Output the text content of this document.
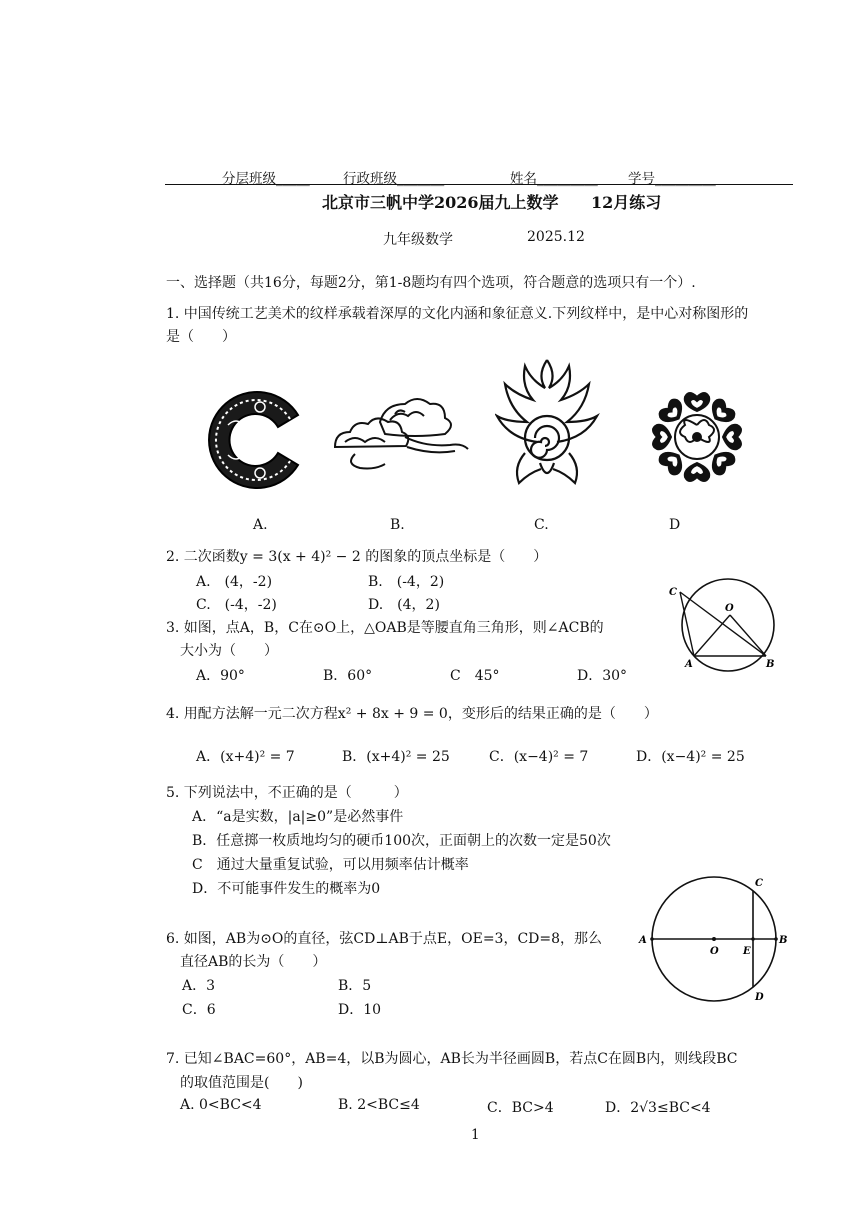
分层班级_____ 行政班级_______	姓名_________ 学号_________
北京市三帆中学2026届九上数学 12月练习
九年级数学	2025.12
一、选择题（共16分，每题2分，第1-8题均有四个选项，符合题意的选项只有一个）.
1. 中国传统工艺美术的纹样承载着深厚的文化内涵和象征意义.下列纹样中，是中心对称图形的
是（　　）
A.	B.	C.	D
2. 二次函数y = 3(x + 4)² − 2 的图象的顶点坐标是（　　）
A.　(4，-2)	B.　(-4，2)
C.　(-4，-2)	D.　(4，2)
C
O
A	B
3. 如图，点A，B，C在⊙O上，△OAB是等腰直角三角形，则∠ACB的
大小为（　　）
A．90°	B．60°	C　45°	D．30°
4. 用配方法解一元二次方程x² + 8x + 9 = 0，变形后的结果正确的是（　　）
A．(x+4)² = 7	B．(x+4)² = 25	C．(x−4)² = 7	D．(x−4)² = 25
5. 下列说法中，不正确的是（　　　）
A．“a是实数，|a|≥0”是必然事件
B．任意掷一枚质地均匀的硬币100次，正面朝上的次数一定是50次
C　通过大量重复试验，可以用频率估计概率
D．不可能事件发生的概率为0	C
A
O E
B
D
6. 如图，AB为⊙O的直径，弦CD⊥AB于点E，OE=3，CD=8，那么
直径AB的长为（　　）
A．3	B．5
C．6	D．10
7. 已知∠BAC=60°，AB=4，以B为圆心，AB长为半径画圆B，若点C在圆B内，则线段BC
的取值范围是(　　)
A. 0<BC<4	B. 2<BC≤4	C．BC>4	D．2√3≤BC<4
1
